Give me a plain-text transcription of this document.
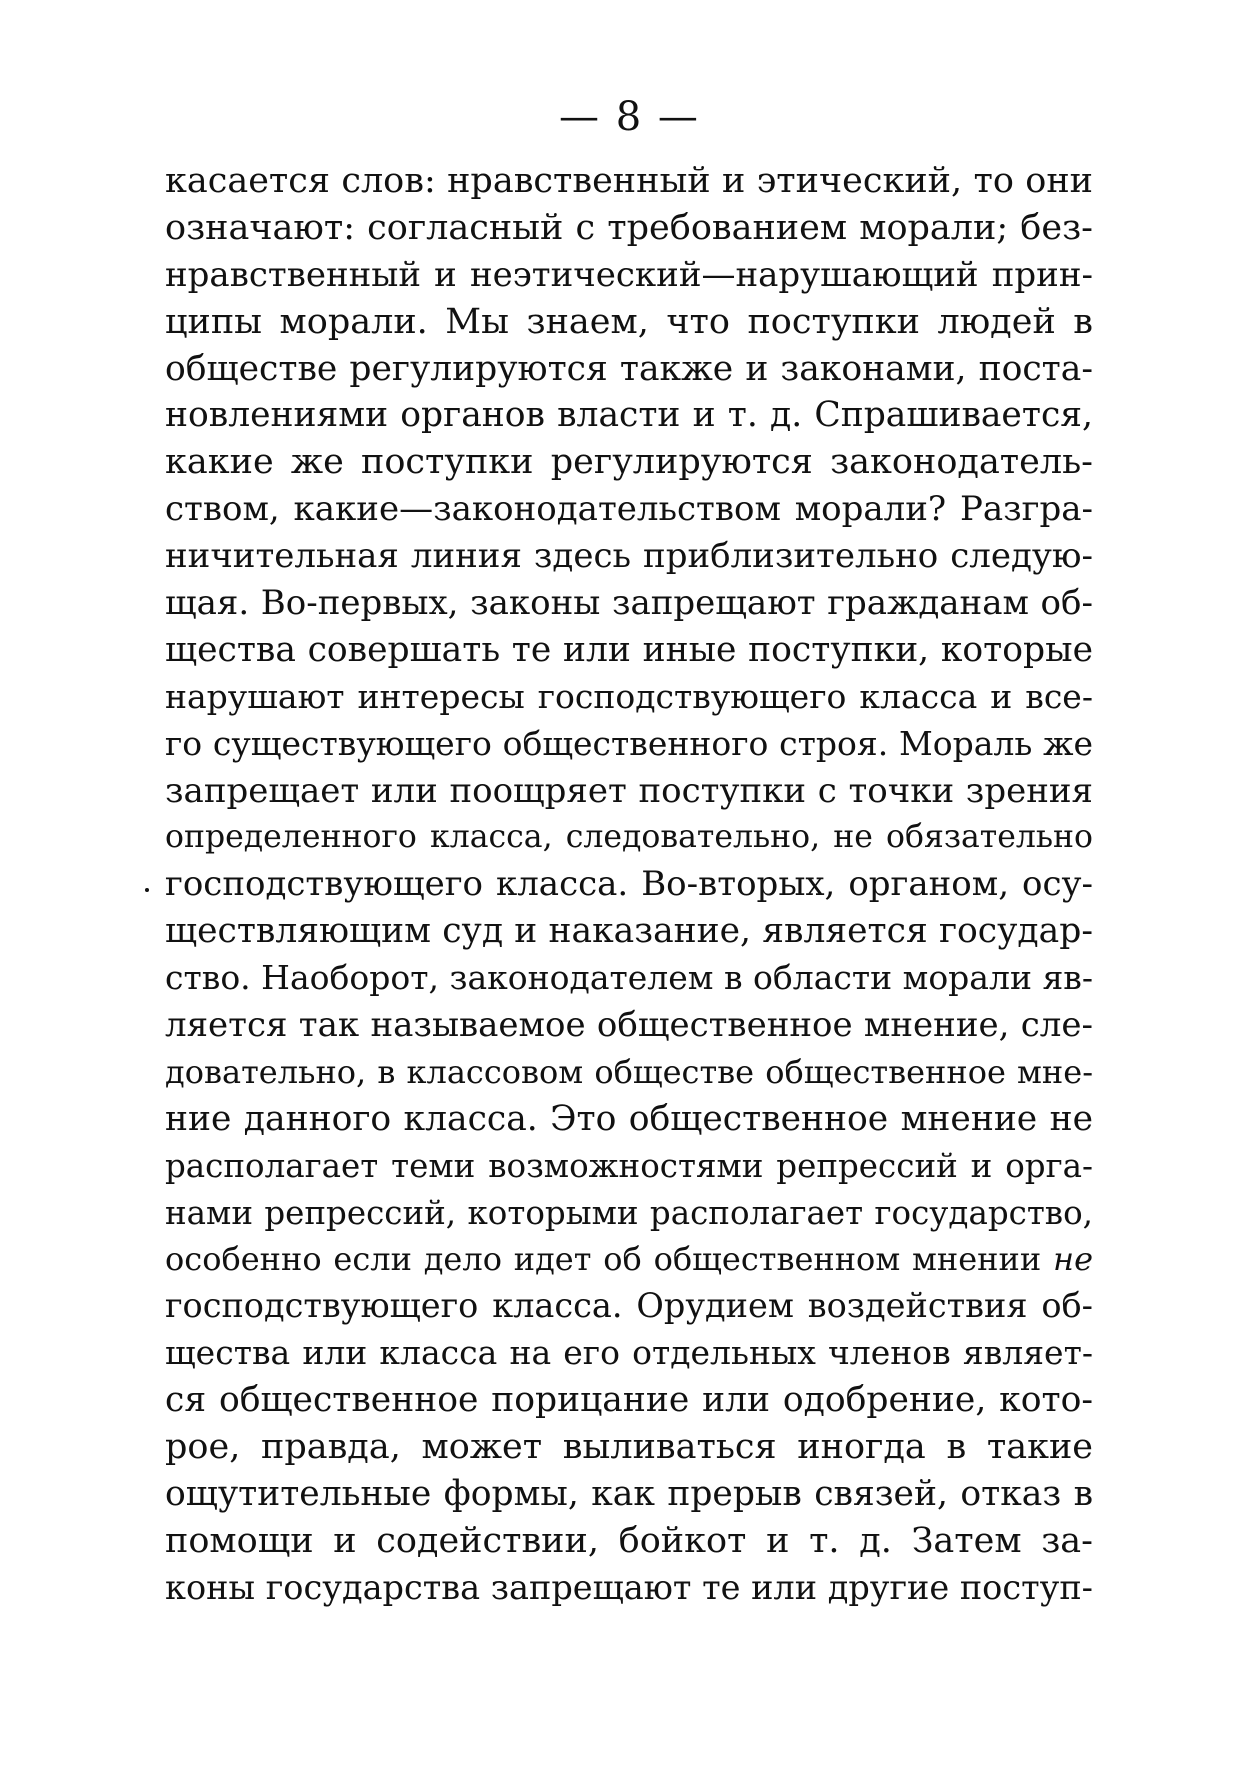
— 8 —
касается слов: нравственный и этический, то они
означают: согласный с требованием морали; без-
нравственный и неэтический—нарушающий прин-
ципы морали. Мы знаем, что поступки людей в
обществе регулируются также и законами, поста-
новлениями органов власти и т. д. Спрашивается,
какие же поступки регулируются законодатель-
ством, какие—законодательством морали? Разгра-
ничительная линия здесь приблизительно следую-
щая. Во-первых, законы запрещают гражданам об-
щества совершать те или иные поступки, которые
нарушают интересы господствующего класса и все-
го существующего общественного строя. Мораль же
запрещает или поощряет поступки с точки зрения
определенного класса, следовательно, не обязательно
господствующего класса. Во-вторых, органом, осу-
ществляющим суд и наказание, является государ-
ство. Наоборот, законодателем в области морали яв-
ляется так называемое общественное мнение, сле-
довательно, в классовом обществе общественное мне-
ние данного класса. Это общественное мнение не
располагает теми возможностями репрессий и орга-
нами репрессий, которыми располагает государство,
особенно если дело идет об общественном мнении не
господствующего класса. Орудием воздействия об-
щества или класса на его отдельных членов являет-
ся общественное порицание или одобрение, кото-
рое, правда, может выливаться иногда в такие
ощутительные формы, как прерыв связей, отказ в
помощи и содействии, бойкот и т. д. Затем за-
коны государства запрещают те или другие поступ-
